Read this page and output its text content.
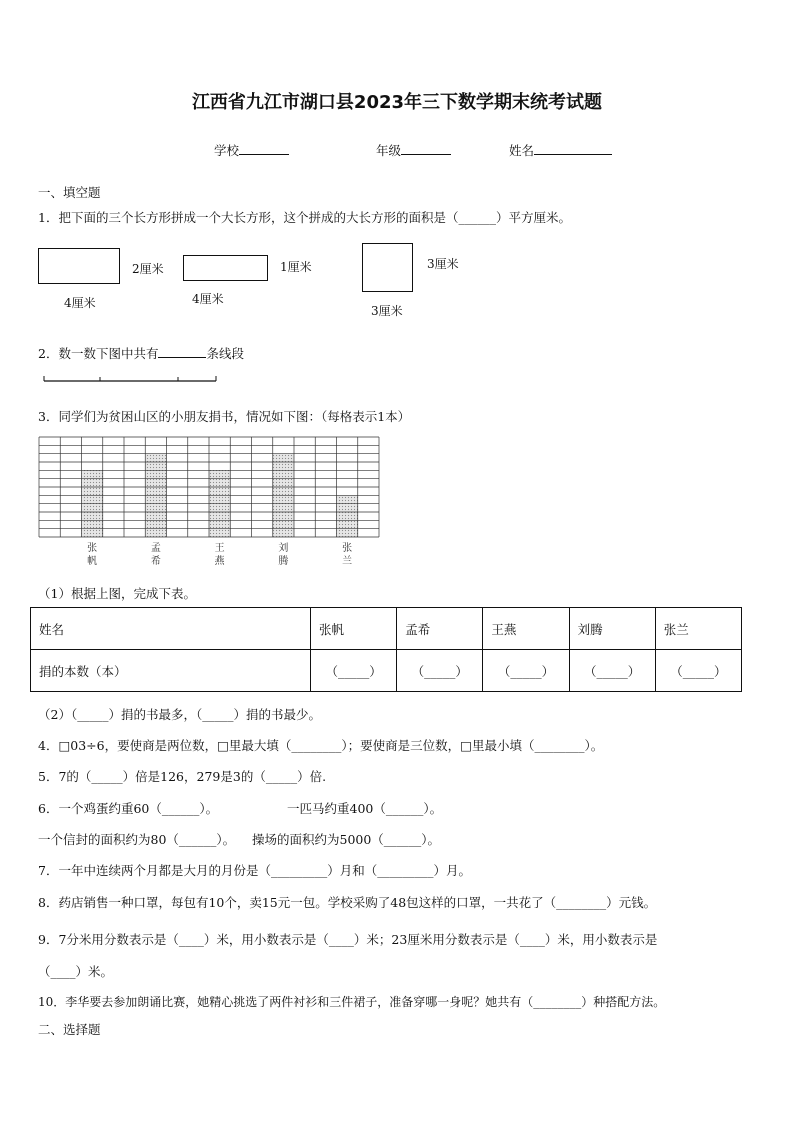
江西省九江市湖口县2023年三下数学期末统考试题
学校	年级	姓名
一、填空题
1．把下面的三个长方形拼成一个大长方形，这个拼成的大长方形的面积是（______）平方厘米。
2厘米
4厘米
1厘米
4厘米
3厘米
3厘米
2．数一数下图中共有	条线段
3．同学们为贫困山区的小朋友捐书，情况如下图：（每格表示1本）
张帆
孟希
王燕
刘腾
张兰
（1）根据上图，完成下表。
姓名	张帆	孟希	王燕	刘腾	张兰
捐的本数（本）	（_____）	（_____）	（_____）	（_____）	（_____）
（2）（_____）捐的书最多，（_____）捐的书最少。
4．□03÷6，要使商是两位数，□里最大填（________）；要使商是三位数，□里最小填（________）。
5．7的（_____）倍是126，279是3的（_____）倍.
6．一个鸡蛋约重60（______）。	一匹马约重400（______）。
一个信封的面积约为80（______）。 操场的面积约为5000（______）。
7．一年中连续两个月都是大月的月份是（_________）月和（_________）月。
8．药店销售一种口罩，每包有10个，卖15元一包。学校采购了48包这样的口罩，一共花了（________）元钱。
9．7分米用分数表示是（____）米，用小数表示是（____）米；23厘米用分数表示是（____）米，用小数表示是
（____）米。
10．李华要去参加朗诵比赛，她精心挑选了两件衬衫和三件裙子，准备穿哪一身呢？她共有（________）种搭配方法。
二、选择题
